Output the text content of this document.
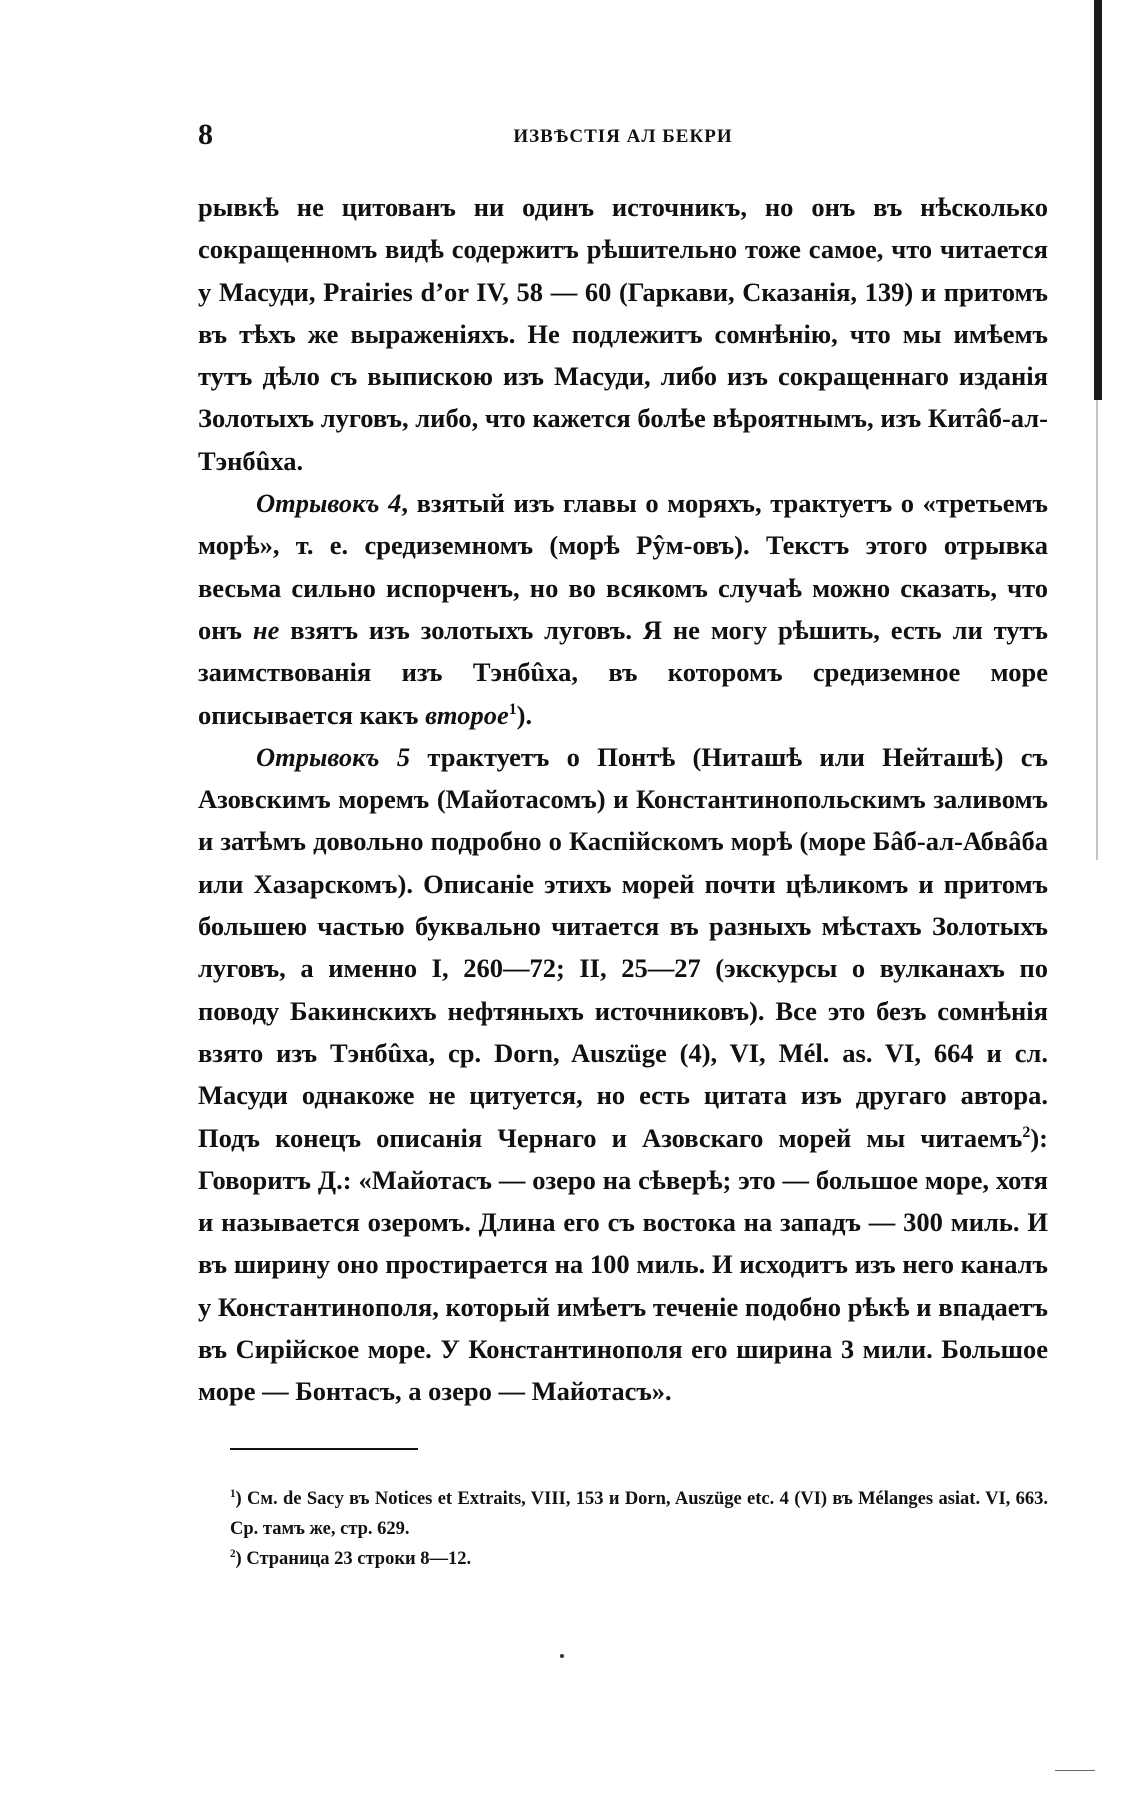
8	ИЗВѢСТІЯ АЛ БЕКРИ

рывкѣ не цитованъ ни одинъ источникъ, но онъ въ нѣсколько сокращенномъ видѣ содержитъ рѣшительно тоже самое, что читается у Масуди, Prairies d’or IV, 58 — 60 (Гаркави, Сказанія, 139) и притомъ въ тѣхъ же выраженіяхъ. Не подлежитъ сомнѣнію, что мы имѣемъ тутъ дѣло съ выпискою изъ Масуди, либо изъ сокращеннаго изданія Золотыхъ луговъ, либо, что кажется болѣе вѣроятнымъ, изъ Китâб-ал-Тэнбûха.

Отрывокъ 4, взятый изъ главы о моряхъ, трактуетъ о «третьемъ морѣ», т. е. средиземномъ (морѣ Рŷм-овъ). Текстъ этого отрывка весьма сильно испорченъ, но во всякомъ случаѣ можно сказать, что онъ не взятъ изъ золотыхъ луговъ. Я не могу рѣшить, есть ли тутъ заимствованія изъ Тэнбûха, въ которомъ средиземное море описывается какъ второе$^1$).

Отрывокъ 5 трактуетъ о Понтѣ (Ниташѣ или Нейташѣ) съ Азовскимъ моремъ (Майотасомъ) и Константинопольскимъ заливомъ и затѣмъ довольно подробно о Каспійскомъ морѣ (море Бâб-ал-Абвâба или Хазарскомъ). Описаніе этихъ морей почти цѣликомъ и притомъ большею частью буквально читается въ разныхъ мѣстахъ Золотыхъ луговъ, а именно I, 260—72; II, 25—27 (экскурсы о вулканахъ по поводу Бакинскихъ нефтяныхъ источниковъ). Все это безъ сомнѣнія взято изъ Тэнбûха, ср. Dorn, Auszüge (4), VI, Mél. as. VI, 664 и сл. Масуди однакоже не цитуется, но есть цитата изъ другаго автора. Подъ конецъ описанія Чернаго и Азовскаго морей мы читаемъ$^2$): Говоритъ Д.: «Майотасъ — озеро на сѣверѣ; это — большое море, хотя и называется озеромъ. Длина его съ востока на западъ — 300 миль. И въ ширину оно простирается на 100 миль. И исходитъ изъ него каналъ у Константинополя, который имѣетъ теченіе подобно рѣкѣ и впадаетъ въ Сирійское море. У Константинополя его ширина 3 мили. Большое море — Бонтасъ, а озеро — Майотасъ».

$^1$) См. de Sacy въ Notices et Extraits, VIII, 153 и Dorn, Auszüge etc. 4 (VI) въ Mélanges asiat. VI, 663. Ср. тамъ же, стр. 629.

$^2$) Страница 23 строки 8—12.
